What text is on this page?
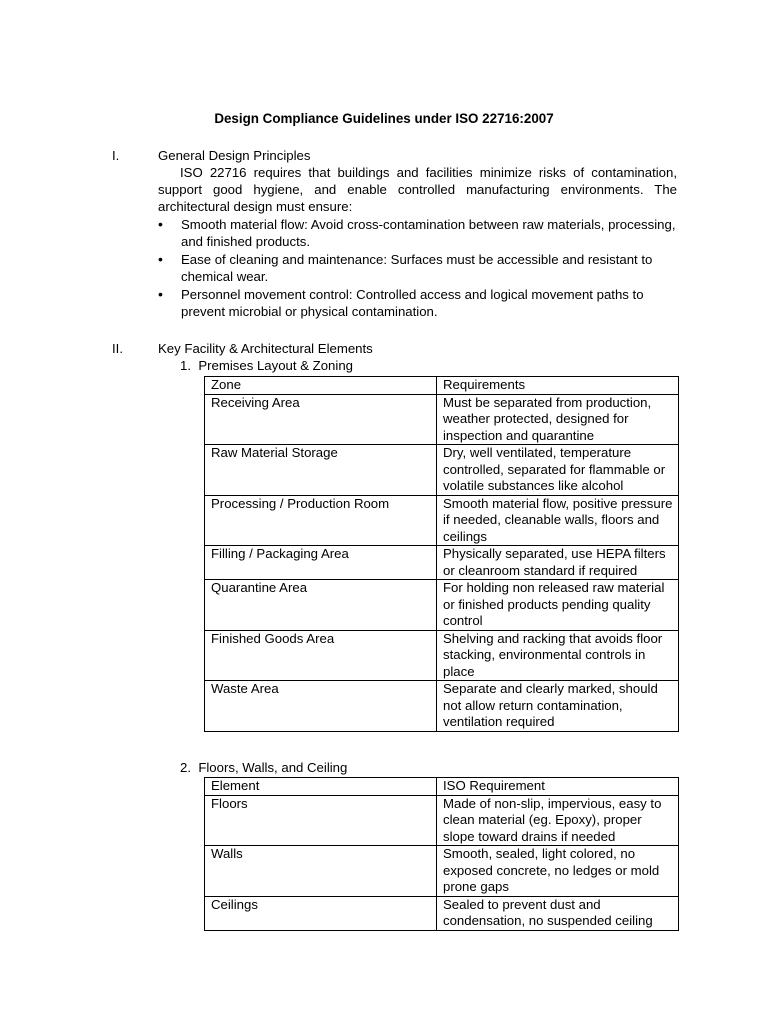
Design Compliance Guidelines under ISO 22716:2007
I.	General Design Principles
ISO 22716 requires that buildings and facilities minimize risks of contamination, support good hygiene, and enable controlled manufacturing environments. The architectural design must ensure:
• Smooth material flow: Avoid cross-contamination between raw materials, processing, and finished products.
• Ease of cleaning and maintenance: Surfaces must be accessible and resistant to chemical wear.
• Personnel movement control: Controlled access and logical movement paths to prevent microbial or physical contamination.
II.	Key Facility & Architectural Elements
1.  Premises Layout & Zoning
Zone	Requirements
Receiving Area	Must be separated from production, weather protected, designed for inspection and quarantine
Raw Material Storage	Dry, well ventilated, temperature controlled, separated for flammable or volatile substances like alcohol
Processing / Production Room	Smooth material flow, positive pressure if needed, cleanable walls, floors and ceilings
Filling / Packaging Area	Physically separated, use HEPA filters or cleanroom standard if required
Quarantine Area	For holding non released raw material or finished products pending quality control
Finished Goods Area	Shelving and racking that avoids floor stacking, environmental controls in place
Waste Area	Separate and clearly marked, should not allow return contamination, ventilation required
2.  Floors, Walls, and Ceiling
Element	ISO Requirement
Floors	Made of non-slip, impervious, easy to clean material (eg. Epoxy), proper slope toward drains if needed
Walls	Smooth, sealed, light colored, no exposed concrete, no ledges or mold prone gaps
Ceilings	Sealed to prevent dust and condensation, no suspended ceiling
